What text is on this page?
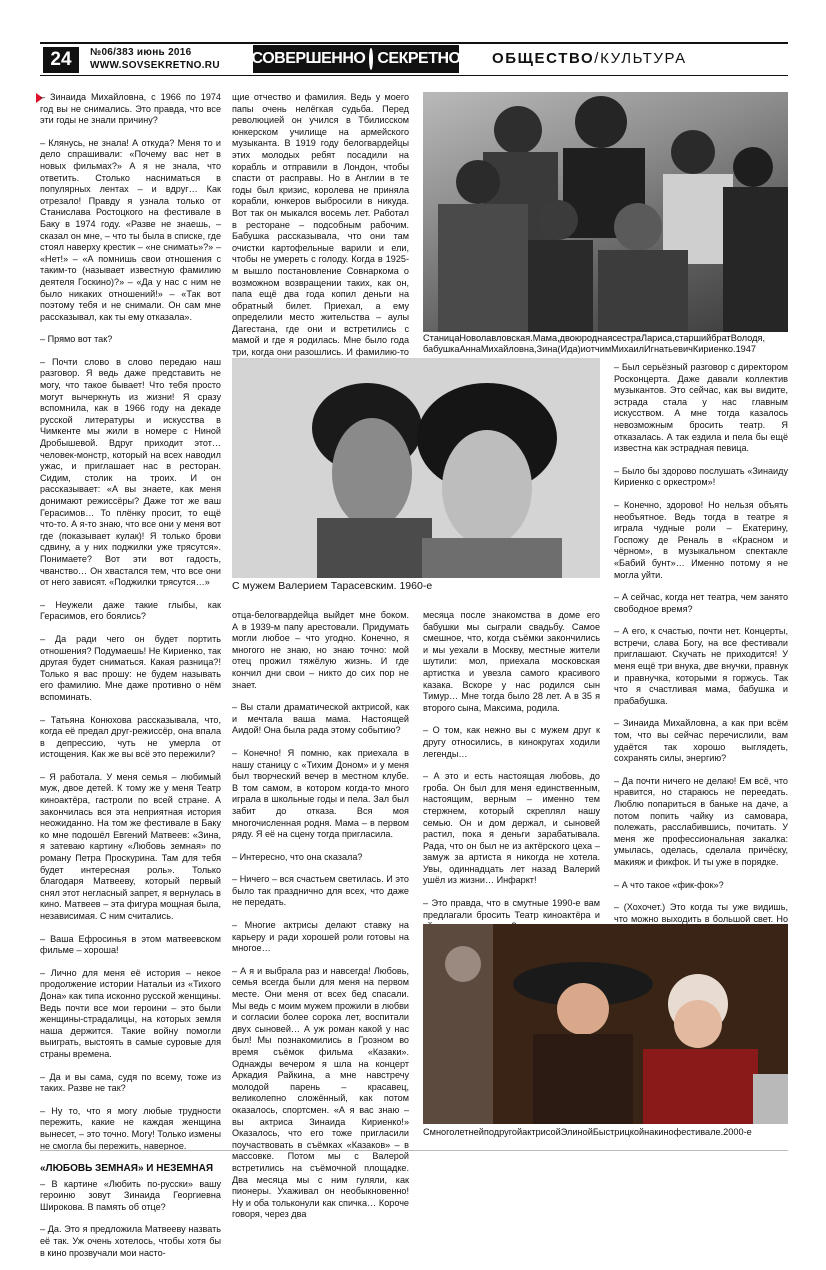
24	№06/383 июнь 2016
WWW.SOVSEKRETNO.RU СОВЕРШЕННО СЕКРЕТНО ОБЩЕСТВО/КУЛЬТУРА

– Зинаида Михайловна, с 1966 по 1974 год вы не снимались. Это правда, что все эти годы не знали причину?

– Клянусь, не знала! А откуда? Меня то и дело спрашивали: «Почему вас нет в новых фильмах?» А я не знала, что ответить. Столько насниматься в популярных лентах – и вдруг… Как отрезало! Правду я узнала только от Станислава Ростоцкого на фестивале в Баку в 1974 году. «Разве не знаешь, – сказал он мне, – что ты была в списке, где стоял наверху крестик – «не снимать»?» – «Нет!» – «А помнишь свои отношения с таким-то (называет известную фамилию деятеля Госкино)?» – «Да у нас с ним не было никаких отношений!» – «Так вот поэтому тебя и не снимали. Он сам мне рассказывал, как ты ему отказала».

– Прямо вот так?

– Почти слово в слово передаю наш разговор. Я ведь даже представить не могу, что такое бывает! Что тебя просто могут вычеркнуть из жизни! Я сразу вспомнила, как в 1966 году на декаде русской литературы и искусства в Чимкенте мы жили в номере с Ниной Дробышевой. Вдруг приходит этот… человек-монстр, который на всех наводил ужас, и приглашает нас в ресторан. Сидим, столик на троих. И он рассказывает: «А вы знаете, как меня донимают режиссёры? Даже тот же ваш Герасимов… То плёнку просит, то ещё что-то. А я-то знаю, что все они у меня вот где (показывает кулак)! Я только брови сдвину, а у них поджилки уже трясутся». Понимаете? Вот эти вот гадость, чванство… Он хвастался тем, что все они от него зависят. «Поджилки трясутся…»

– Неужели даже такие глыбы, как Герасимов, его боялись?

– Да ради чего он будет портить отношения? Подумаешь! Не Кириенко, так другая будет сниматься. Какая разница?! Только я вас прошу: не будем называть его фамилию. Мне даже противно о нём вспоминать.

– Татьяна Конюхова рассказывала, что, когда её предал друг-режиссёр, она впала в депрессию, чуть не умерла от истощения. Как же вы всё это пережили?

– Я работала. У меня семья – любимый муж, двое детей. К тому же у меня Театр киноактёра, гастроли по всей стране. А закончилась вся эта неприятная история неожиданно. На том же фестивале в Баку ко мне подошёл Евгений Матвеев: «Зина, я затеваю картину «Любовь земная» по роману Петра Проскурина. Там для тебя будет интересная роль». Только благодаря Матвееву, который первый снял этот негласный запрет, я вернулась в кино. Матвеев – эта фигура мощная была, независимая. С ним считались.

– Ваша Ефросинья в этом матвеевском фильме – хороша!

– Лично для меня её история – некое продолжение истории Натальи из «Тихого Дона» как типа исконно русской женщины. Ведь почти все мои героини – это были женщины-страдалицы, на которых земля наша держится. Такие войну помогли выиграть, выстоять в самые суровые для страны времена.

– Да и вы сама, судя по всему, тоже из таких. Разве не так?

– Ну то, что я могу любые трудности пережить, какие не каждая женщина вынесет, – это точно. Могу! Только измены не смогла бы пережить, наверное.

«ЛЮБОВЬ ЗЕМНАЯ» И НЕЗЕМНАЯ

– В картине «Любить по-русски» вашу героиню зовут Зинаида Георгиевна Широкова. В память об отце?

– Да. Это я предложила Матвееву назвать её так. Уж очень хотелось, чтобы хотя бы в кино прозвучали мои насто-

щие отчество и фамилия. Ведь у моего папы очень нелёгкая судьба. Перед революцией он учился в Тбилисском юнкерском училище на армейского музыканта. В 1919 году белогвардейцы этих молодых ребят посадили на корабль и отправили в Лондон, чтобы спасти от расправы. Но в Англии в те годы был кризис, королева не приняла корабли, юнкеров выбросили в никуда. Вот так он мыкался восемь лет. Работал в ресторане – подсобным рабочим. Бабушка рассказывала, что они там очистки картофельные варили и ели, чтобы не умереть с голоду. Когда в 1925-м вышло постановление Совнаркома о возможном возвращении таких, как он, папа ещё два года копил деньги на обратный билет. Приехал, а ему определили место жительства – аулы Дагестана, где они и встретились с мамой и где я родилась. Мне было года три, когда они разошлись. И фамилию-то

СтаницаНоволавловская.Мама,двоюроднаясестраЛариса,старшийбратВолодя, бабушкаАннаМихайловна,Зина(Ида)иотчимМихаилИгнатьевичКириенко.1947
С мужем Валерием Тарасевским. 1960-е

отца-белогвардейца выйдет мне боком. А в 1939-м папу арестовали. Придумать могли любое – что угодно. Конечно, я многого не знаю, но знаю точно: мой отец прожил тяжёлую жизнь. И где кончил дни свои – никто до сих пор не знает.

– Вы стали драматической актрисой, как и мечтала ваша мама. Настоящей Аидой! Она была рада этому событию?

– Конечно! Я помню, как приехала в нашу станицу с «Тихим Доном» и у меня был творческий вечер в местном клубе. В том самом, в котором когда-то много играла в школьные годы и пела. Зал был забит до отказа. Вся моя многочисленная родня. Мама – в первом ряду. Я её на сцену тогда пригласила.

– Интересно, что она сказала?

– Ничего – вся счастьем светилась. И это было так празднично для всех, что даже не передать.

– Многие актрисы делают ставку на карьеру и ради хорошей роли готовы на многое…

– А я и выбрала раз и навсегда! Любовь, семья всегда были для меня на первом месте. Они меня от всех бед спасали. Мы ведь с моим мужем прожили в любви и согласии более сорока лет, воспитали двух сыновей… А уж роман какой у нас был! Мы познакомились в Грозном во время съёмок фильма «Казаки». Однажды вечером я шла на концерт Аркадия Райкина, а мне навстречу молодой парень – красавец, великолепно сложённый, как потом оказалось, спортсмен. «А я вас знаю – вы актриса Зинаида Кириенко!» Оказалось, что его тоже пригласили поучаствовать в съёмках «Казаков» – в массовке. Потом мы с Валерой встретились на съёмочной площадке. Два месяца мы с ним гуляли, как пионеры. Ухаживал он необыкновенно! Ну и оба тольконули как спичка… Короче говоря, через два

месяца после знакомства в доме его бабушки мы сыграли свадьбу. Самое смешное, что, когда съёмки закончились и мы уехали в Москву, местные жители шутили: мол, приехала московская артистка и увезла самого красивого казака. Вскоре у нас родился сын Тимур… Мне тогда было 28 лет. А в 35 я второго сына, Максима, родила.

– О том, как нежно вы с мужем друг к другу относились, в кинокругах ходили легенды…

– А это и есть настоящая любовь, до гроба. Он был для меня единственным, настоящим, верным – именно тем стержнем, который скреплял нашу семью. Он и дом держал, и сыновей растил, пока я деньги зарабатывала. Рада, что он был не из актёрского цеха – замуж за артиста я никогда не хотела. Увы, одиннадцать лет назад Валерий ушёл из жизни… Инфаркт!

– Это правда, что в смутные 1990-е вам предлагали бросить Театр киноактёра и

– Был серьёзный разговор с директором Росконцерта. Даже давали коллектив музыкантов. Это сейчас, как вы видите, эстрада стала у нас главным искусством. А мне тогда казалось невозможным бросить театр. Я отказалась. А так ездила и пела бы ещё известна как эстрадная певица.

– Было бы здорово послушать «Зинаиду Кириенко с оркестром»!

– Конечно, здорово! Но нельзя объять необъятное. Ведь тогда в театре я играла чудные роли – Екатерину, Госпожу де Реналь в «Красном и чёрном», в музыкальном спектакле «Бабий бунт»… Именно потому я не могла уйти.

– А сейчас, когда нет театра, чем занято свободное время?

– А его, к счастью, почти нет. Концерты, встречи, слава Богу, на все фестивали приглашают. Скучать не приходится! У меня ещё три внука, две внучки, правнук и правнучка, которыми я горжусь. Так что я счастливая мама, бабушка и прабабушка.

– Зинаида Михайловна, а как при всём том, что вы сейчас перечислили, вам удаётся так хорошо выглядеть, сохранять силы, энергию?

– Да почти ничего не делаю! Ем всё, что нравится, но стараюсь не переедать. Люблю попариться в баньке на даче, а потом попить чайку из самовара, полежать, расслабившись, почитать. У меня же профессиональная закалка: умылась, оделась, сделала причёску, макияж и фикфок. И ты уже в порядке.

– А что такое «фик-фок»?

– (Хохочет.) Это когда ты уже видишь, что можно выходить в большой свет. Но

СмноголетнейподругойактрисойЭлинойБыстрицкойнакинофестивале.2000-е
